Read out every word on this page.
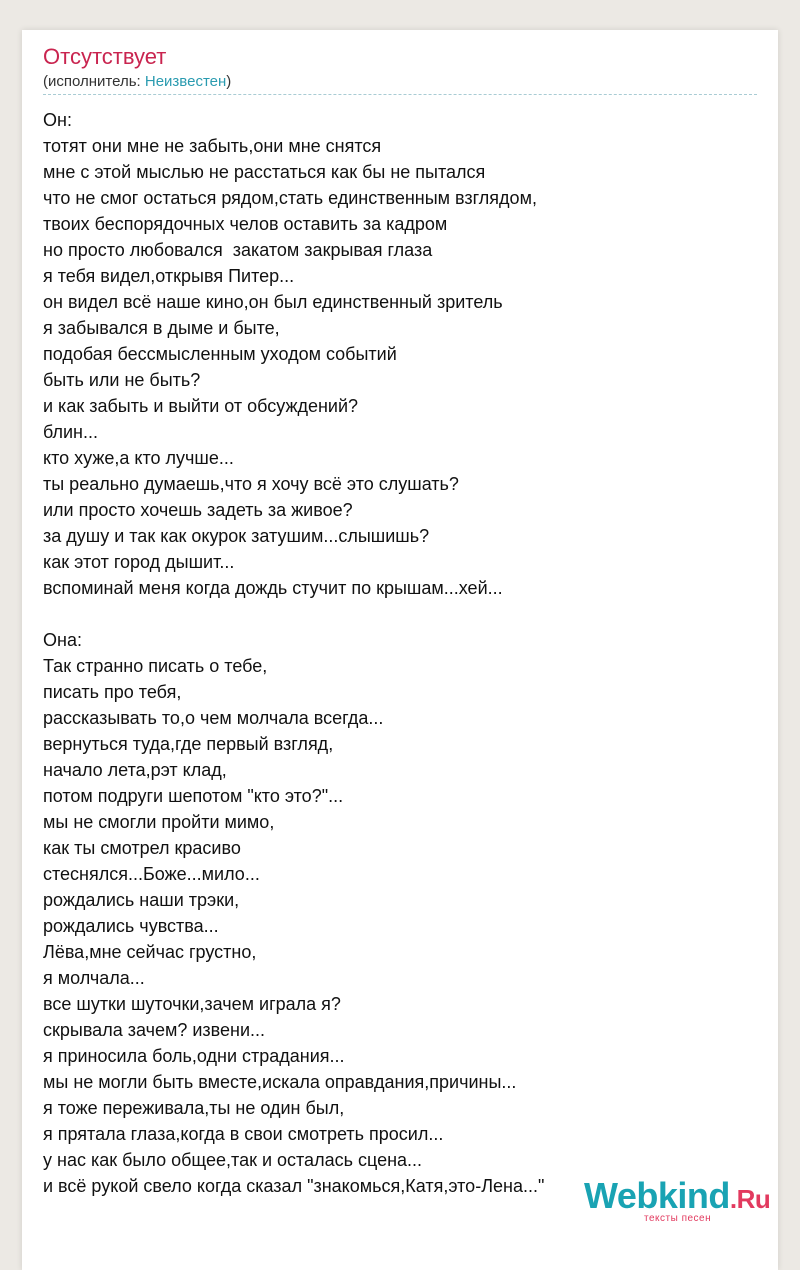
Отсутствует
(исполнитель: Неизвестен)
Он:
тотят они мне не забыть,они мне снятся
мне с этой мыслью не расстаться как бы не пытался
что не смог остаться рядом,стать единственным взглядом,
твоих беспорядочных челов оставить за кадром
но просто любовался  закатом закрывая глаза
я тебя видел,открывя Питер...
он видел всё наше кино,он был единственный зритель
я забывался в дыме и быте,
подобая бессмысленным уходом событий
быть или не быть?
и как забыть и выйти от обсуждений?
блин...
кто хуже,а кто лучше...
ты реально думаешь,что я хочу всё это слушать?
или просто хочешь задеть за живое?
за душу и так как окурок затушим...слышишь?
как этот город дышит...
вспоминай меня когда дождь стучит по крышам...хей...
Она:
Так странно писать о тебе,
писать про тебя,
рассказывать то,о чем молчала всегда...
вернуться туда,где первый взгляд,
начало лета,рэт клад,
потом подруги шепотом "кто это?"...
мы не смогли пройти мимо,
как ты смотрел красиво
стеснялся...Боже...мило...
рождались наши трэки,
рождались чувства...
Лёва,мне сейчас грустно,
я молчала...
все шутки шуточки,зачем играла я?
скрывала зачем? извени...
я приносила боль,одни страдания...
мы не могли быть вместе,искала оправдания,причины...
я тоже переживала,ты не один был,
я прятала глаза,когда в свои смотреть просил...
у нас как было общее,так и осталась сцена...
и всё рукой свело когда сказал "знакомься,Катя,это-Лена..."	Webkind.Ru
тексты песен
